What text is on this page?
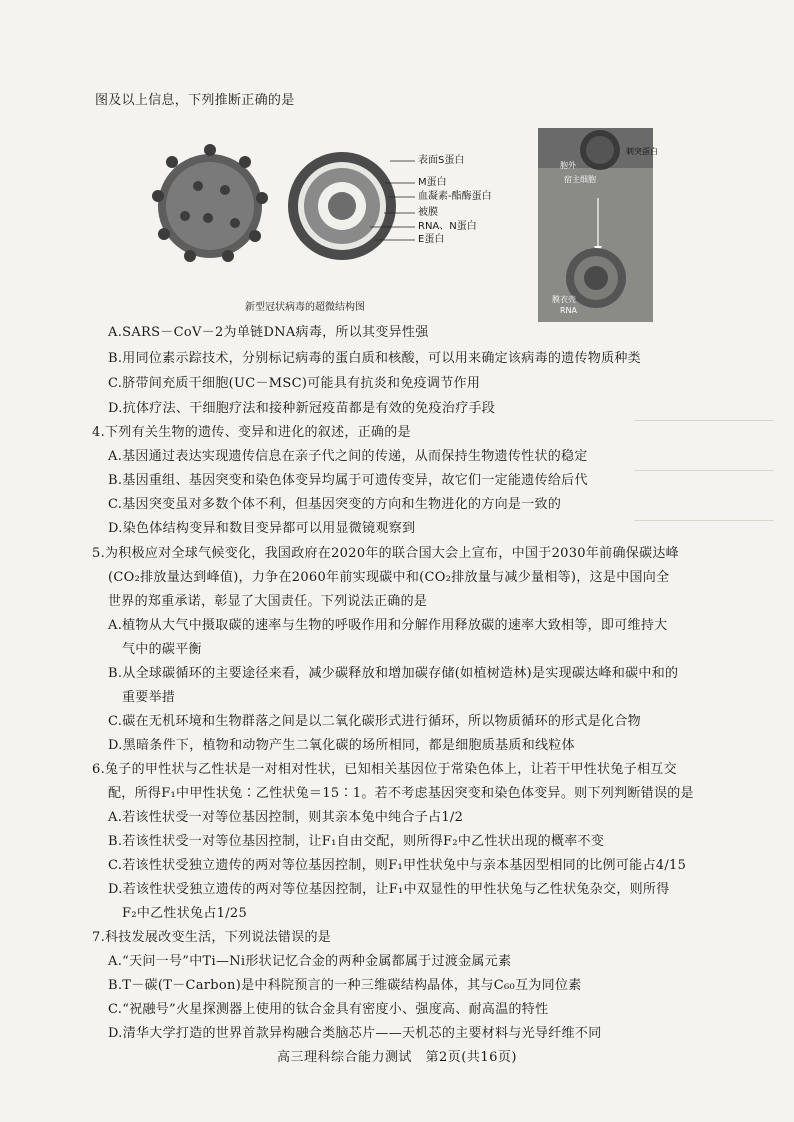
图及以上信息，下列推断正确的是
表面S蛋白
M蛋白
血凝素-酯酶蛋白
被膜
RNA、N蛋白
E蛋白
新型冠状病毒的超微结构图
刺突蛋白
胞外
宿主细胞
膜衣壳
RNA
A.SARS－CoV－2为单链DNA病毒，所以其变异性强
B.用同位素示踪技术，分别标记病毒的蛋白质和核酸，可以用来确定该病毒的遗传物质种类
C.脐带间充质干细胞(UC－MSC)可能具有抗炎和免疫调节作用
D.抗体疗法、干细胞疗法和接种新冠疫苗都是有效的免疫治疗手段
4.下列有关生物的遗传、变异和进化的叙述，正确的是
A.基因通过表达实现遗传信息在亲子代之间的传递，从而保持生物遗传性状的稳定
B.基因重组、基因突变和染色体变异均属于可遗传变异，故它们一定能遗传给后代
C.基因突变虽对多数个体不利，但基因突变的方向和生物进化的方向是一致的
D.染色体结构变异和数目变异都可以用显微镜观察到
5.为积极应对全球气候变化，我国政府在2020年的联合国大会上宣布，中国于2030年前确保碳达峰
(CO₂排放量达到峰值)，力争在2060年前实现碳中和(CO₂排放量与减少量相等)，这是中国向全
世界的郑重承诺，彰显了大国责任。下列说法正确的是
A.植物从大气中摄取碳的速率与生物的呼吸作用和分解作用释放碳的速率大致相等，即可维持大
气中的碳平衡
B.从全球碳循环的主要途径来看，减少碳释放和增加碳存储(如植树造林)是实现碳达峰和碳中和的
重要举措
C.碳在无机环境和生物群落之间是以二氧化碳形式进行循环，所以物质循环的形式是化合物
D.黑暗条件下，植物和动物产生二氧化碳的场所相同，都是细胞质基质和线粒体
6.兔子的甲性状与乙性状是一对相对性状，已知相关基因位于常染色体上，让若干甲性状兔子相互交
配，所得F₁中甲性状兔∶乙性状兔＝15∶1。若不考虑基因突变和染色体变异。则下列判断错误的是
A.若该性状受一对等位基因控制，则其亲本兔中纯合子占1/2
B.若该性状受一对等位基因控制，让F₁自由交配，则所得F₂中乙性状出现的概率不变
C.若该性状受独立遗传的两对等位基因控制，则F₁甲性状兔中与亲本基因型相同的比例可能占4/15
D.若该性状受独立遗传的两对等位基因控制，让F₁中双显性的甲性状兔与乙性状兔杂交，则所得
F₂中乙性状兔占1/25
7.科技发展改变生活，下列说法错误的是
A.“天问一号”中Ti—Ni形状记忆合金的两种金属都属于过渡金属元素
B.T－碳(T－Carbon)是中科院预言的一种三维碳结构晶体，其与C₆₀互为同位素
C.“祝融号”火星探测器上使用的钛合金具有密度小、强度高、耐高温的特性
D.清华大学打造的世界首款异构融合类脑芯片——天机芯的主要材料与光导纤维不同
高三理科综合能力测试　第2页(共16页)
